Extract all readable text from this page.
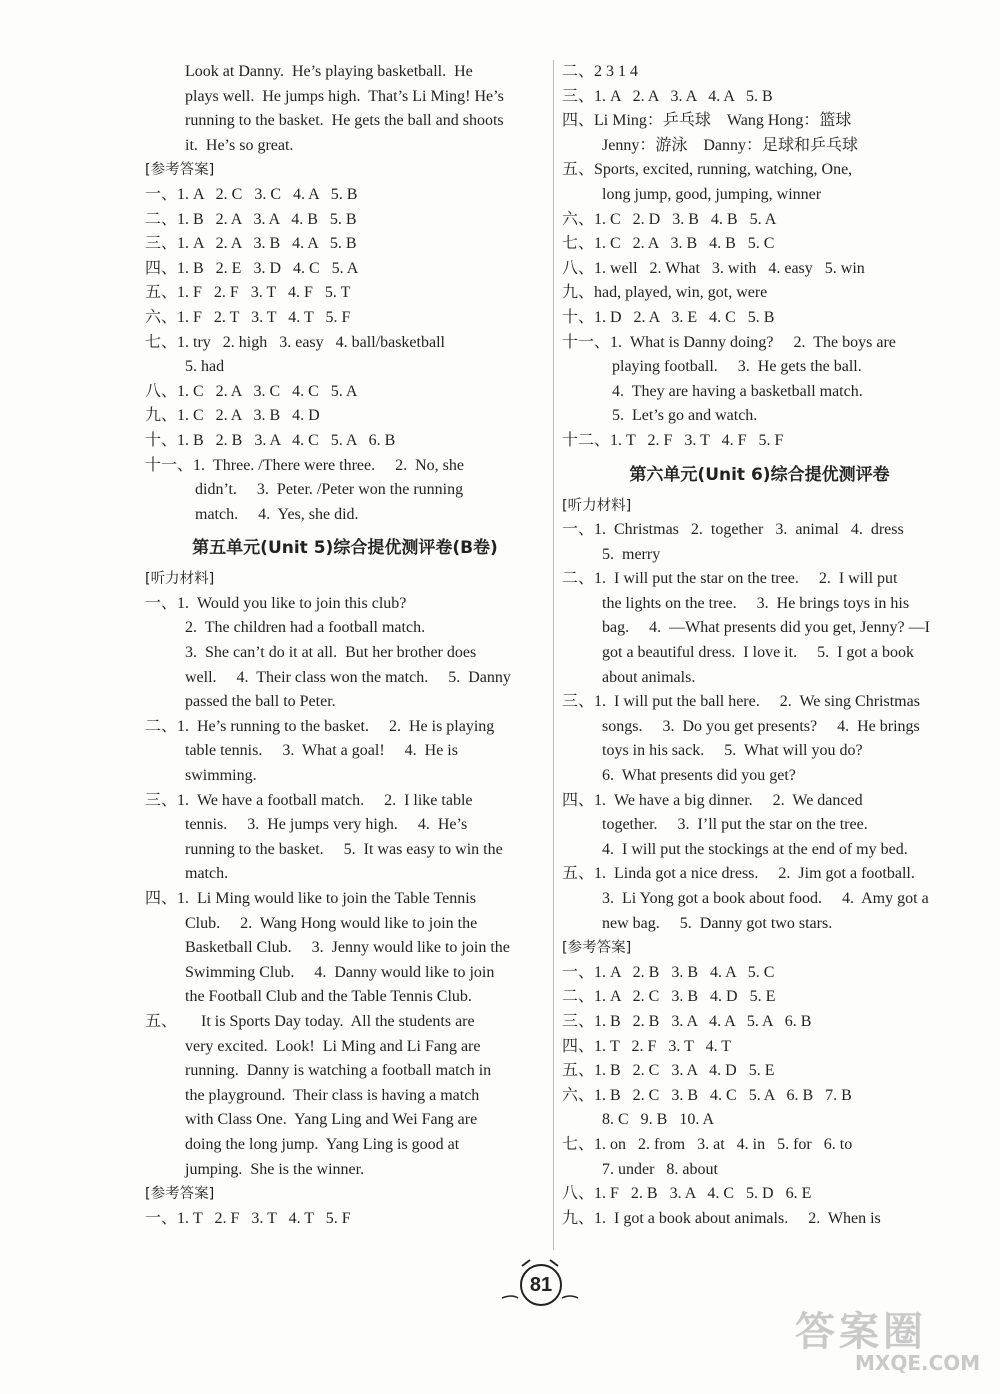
Look at Danny.  He’s playing basketball.  He
plays well.  He jumps high.  That’s Li Ming! He’s
running to the basket.  He gets the ball and shoots
it.  He’s so great.
[参考答案]
一、1. A   2. C   3. C   4. A   5. B
二、1. B   2. A   3. A   4. B   5. B
三、1. A   2. A   3. B   4. A   5. B
四、1. B   2. E   3. D   4. C   5. A
五、1. F   2. F   3. T   4. F   5. T
六、1. F   2. T   3. T   4. T   5. F
七、1. try   2. high   3. easy   4. ball/basketball
5. had
八、1. C   2. A   3. C   4. C   5. A
九、1. C   2. A   3. B   4. D
十、1. B   2. B   3. A   4. C   5. A   6. B
十一、1.  Three. /There were three.     2.  No, she
didn’t.     3.  Peter. /Peter won the running
match.     4.  Yes, she did.
第五单元(Unit 5)综合提优测评卷(B卷)
[听力材料]
一、1.  Would you like to join this club?
2.  The children had a football match.
3.  She can’t do it at all.  But her brother does
well.     4.  Their class won the match.     5.  Danny
passed the ball to Peter.
二、1.  He’s running to the basket.     2.  He is playing
table tennis.     3.  What a goal!     4.  He is
swimming.
三、1.  We have a football match.     2.  I like table
tennis.     3.  He jumps very high.     4.  He’s
running to the basket.     5.  It was easy to win the
match.
四、1.  Li Ming would like to join the Table Tennis
Club.     2.  Wang Hong would like to join the
Basketball Club.     3.  Jenny would like to join the
Swimming Club.     4.  Danny would like to join
the Football Club and the Table Tennis Club.
五、      It is Sports Day today.  All the students are
very excited.  Look!  Li Ming and Li Fang are
running.  Danny is watching a football match in
the playground.  Their class is having a match
with Class One.  Yang Ling and Wei Fang are
doing the long jump.  Yang Ling is good at
jumping.  She is the winner.
[参考答案]
一、1. T   2. F   3. T   4. T   5. F
二、2 3 1 4
三、1. A   2. A   3. A   4. A   5. B
四、Li Ming：乒乓球    Wang Hong：篮球
Jenny：游泳    Danny：足球和乒乓球
五、Sports, excited, running, watching, One,
long jump, good, jumping, winner
六、1. C   2. D   3. B   4. B   5. A
七、1. C   2. A   3. B   4. B   5. C
八、1. well   2. What   3. with   4. easy   5. win
九、had, played, win, got, were
十、1. D   2. A   3. E   4. C   5. B
十一、1.  What is Danny doing?     2.  The boys are
playing football.     3.  He gets the ball.
4.  They are having a basketball match.
5.  Let’s go and watch.
十二、1. T   2. F   3. T   4. F   5. F
第六单元(Unit 6)综合提优测评卷
[听力材料]
一、1.  Christmas   2.  together   3.  animal   4.  dress
5.  merry
二、1.  I will put the star on the tree.     2.  I will put
the lights on the tree.     3.  He brings toys in his
bag.     4.  —What presents did you get, Jenny? —I
got a beautiful dress.  I love it.     5.  I got a book
about animals.
三、1.  I will put the ball here.     2.  We sing Christmas
songs.     3.  Do you get presents?     4.  He brings
toys in his sack.     5.  What will you do?
6.  What presents did you get?
四、1.  We have a big dinner.     2.  We danced
together.     3.  I’ll put the star on the tree.
4.  I will put the stockings at the end of my bed.
五、1.  Linda got a nice dress.     2.  Jim got a football.
3.  Li Yong got a book about food.     4.  Amy got a
new bag.     5.  Danny got two stars.
[参考答案]
一、1. A   2. B   3. B   4. A   5. C
二、1. A   2. C   3. B   4. D   5. E
三、1. B   2. B   3. A   4. A   5. A   6. B
四、1. T   2. F   3. T   4. T
五、1. B   2. C   3. A   4. D   5. E
六、1. B   2. C   3. B   4. C   5. A   6. B   7. B
8. C   9. B   10. A
七、1. on   2. from   3. at   4. in   5. for   6. to
7. under   8. about
八、1. F   2. B   3. A   4. C   5. D   6. E
九、1.  I got a book about animals.     2.  When is
81
答案圈
MXQE.COM
